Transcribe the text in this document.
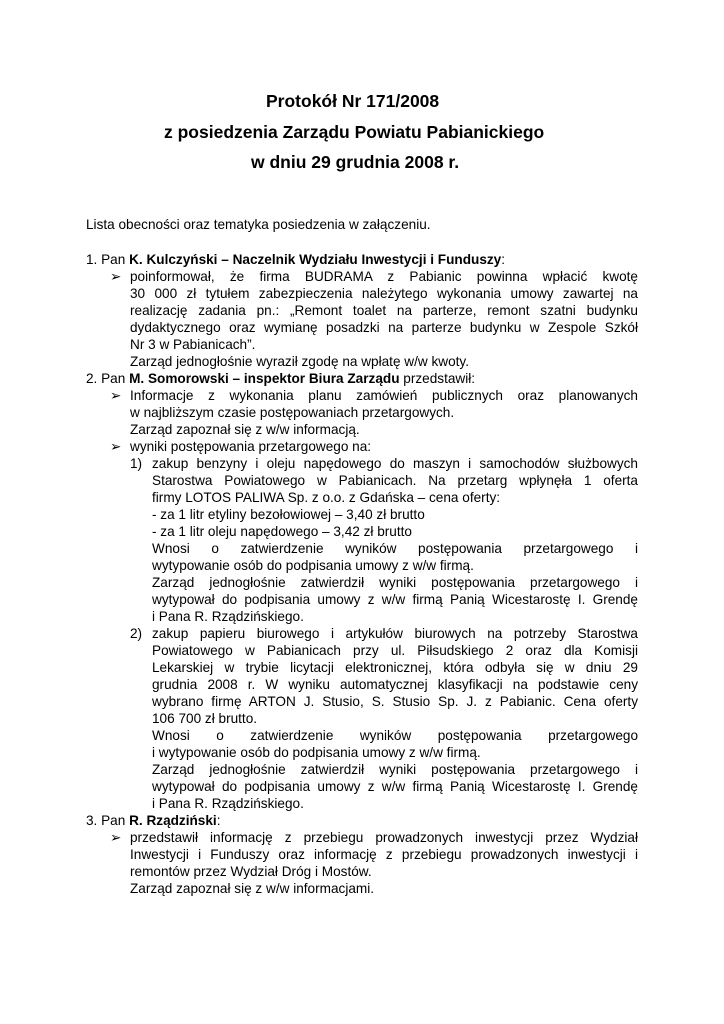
Protokół Nr 171/2008
z posiedzenia Zarządu Powiatu Pabianickiego
w dniu 29 grudnia 2008 r.
Lista obecności oraz tematyka posiedzenia w załączeniu.
1. Pan K. Kulczyński – Naczelnik Wydziału Inwestycji i Funduszy:
➢ poinformował, że firma BUDRAMA z Pabianic powinna wpłacić kwotę
30 000 zł tytułem zabezpieczenia należytego wykonania umowy zawartej na
realizację zadania pn.: „Remont toalet na parterze, remont szatni budynku
dydaktycznego oraz wymianę posadzki na parterze budynku w Zespole Szkół
Nr 3 w Pabianicach”.
Zarząd jednogłośnie wyraził zgodę na wpłatę w/w kwoty.
2. Pan M. Somorowski – inspektor Biura Zarządu przedstawił:
➢ Informacje z wykonania planu zamówień publicznych oraz planowanych
w najbliższym czasie postępowaniach przetargowych.
Zarząd zapoznał się z w/w informacją.
➢ wyniki postępowania przetargowego na:
1) zakup benzyny i oleju napędowego do maszyn i samochodów służbowych
Starostwa Powiatowego w Pabianicach. Na przetarg wpłynęła 1 oferta
firmy LOTOS PALIWA Sp. z o.o. z Gdańska – cena oferty:
- za 1 litr etyliny bezołowiowej – 3,40 zł brutto
- za 1 litr oleju napędowego – 3,42 zł brutto
Wnosi o zatwierdzenie wyników postępowania przetargowego i
wytypowanie osób do podpisania umowy z w/w firmą.
Zarząd jednogłośnie zatwierdził wyniki postępowania przetargowego i
wytypował do podpisania umowy z w/w firmą Panią Wicestarostę I. Grendę
i Pana R. Rządzińskiego.
2) zakup papieru biurowego i artykułów biurowych na potrzeby Starostwa
Powiatowego w Pabianicach przy ul. Piłsudskiego 2 oraz dla Komisji
Lekarskiej w trybie licytacji elektronicznej, która odbyła się w dniu 29
grudnia 2008 r. W wyniku automatycznej klasyfikacji na podstawie ceny
wybrano firmę ARTON J. Stusio, S. Stusio Sp. J. z Pabianic. Cena oferty
106 700 zł brutto.
Wnosi o zatwierdzenie wyników postępowania przetargowego
i wytypowanie osób do podpisania umowy z w/w firmą.
Zarząd jednogłośnie zatwierdził wyniki postępowania przetargowego i
wytypował do podpisania umowy z w/w firmą Panią Wicestarostę I. Grendę
i Pana R. Rządzińskiego.
3. Pan R. Rządziński:
➢ przedstawił informację z przebiegu prowadzonych inwestycji przez Wydział
Inwestycji i Funduszy oraz informację z przebiegu prowadzonych inwestycji i
remontów przez Wydział Dróg i Mostów.
Zarząd zapoznał się z w/w informacjami.
